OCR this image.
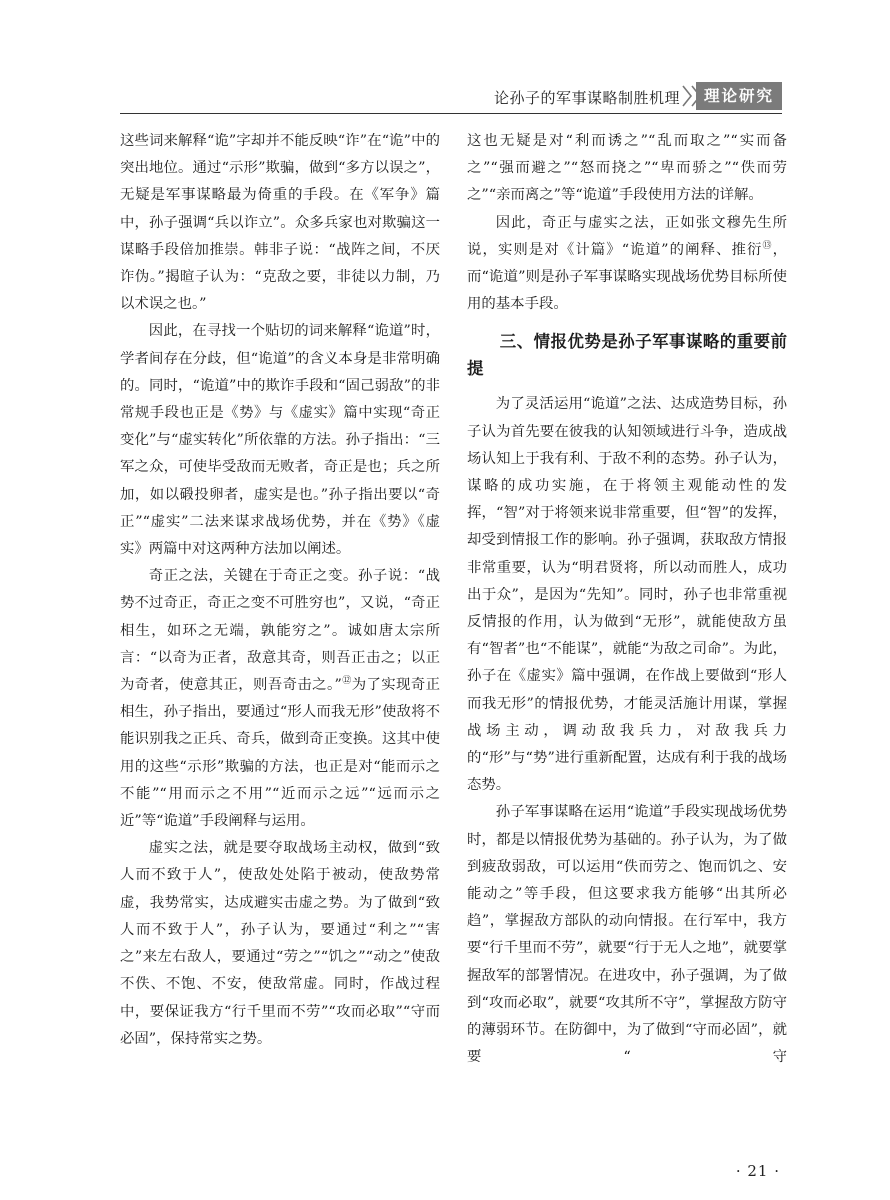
论孙子的军事谋略制胜机理	理论研究

这些词来解释“诡”字却并不能反映“诈”在“诡”中的突出地位。通过“示形”欺骗，做到“多方以误之”，无疑是军事谋略最为倚重的手段。在《军争》篇中，孙子强调“兵以诈立”。众多兵家也对欺骗这一谋略手段倍加推崇。韩非子说：“战阵之间，不厌诈伪。”揭暄子认为：“克敌之要，非徒以力制，乃以术误之也。”

因此，在寻找一个贴切的词来解释“诡道”时，学者间存在分歧，但“诡道”的含义本身是非常明确的。同时，“诡道”中的欺诈手段和“固己弱敌”的非常规手段也正是《势》与《虚实》篇中实现“奇正变化”与“虚实转化”所依靠的方法。孙子指出：“三军之众，可使毕受敌而无败者，奇正是也；兵之所加，如以碫投卵者，虚实是也。”孙子指出要以“奇正”“虚实”二法来谋求战场优势，并在《势》《虚实》两篇中对这两种方法加以阐述。

奇正之法，关键在于奇正之变。孙子说：“战势不过奇正，奇正之变不可胜穷也”，又说，“奇正相生，如环之无端，孰能穷之”。诚如唐太宗所言：“以奇为正者，敌意其奇，则吾正击之；以正为奇者，使意其正，则吾奇击之。”⑫为了实现奇正相生，孙子指出，要通过“形人而我无形”使敌将不能识别我之正兵、奇兵，做到奇正变换。这其中使用的这些“示形”欺骗的方法，也正是对“能而示之不能”“用而示之不用”“近而示之远”“远而示之近”等“诡道”手段阐释与运用。

虚实之法，就是要夺取战场主动权，做到“致人而不致于人”，使敌处处陷于被动，使敌势常虚，我势常实，达成避实击虚之势。为了做到“致人而不致于人”，孙子认为，要通过“利之”“害之”来左右敌人，要通过“劳之”“饥之”“动之”使敌不佚、不饱、不安，使敌常虚。同时，作战过程中，要保证我方“行千里而不劳”“攻而必取”“守而必固”，保持常实之势。

这也无疑是对“利而诱之”“乱而取之”“实而备之”“强而避之”“怒而挠之”“卑而骄之”“佚而劳之”“亲而离之”等“诡道”手段使用方法的详解。

因此，奇正与虚实之法，正如张文穆先生所说，实则是对《计篇》“诡道”的阐释、推衍⑬，而“诡道”则是孙子军事谋略实现战场优势目标所使用的基本手段。

三、情报优势是孙子军事谋略的重要前提

为了灵活运用“诡道”之法、达成造势目标，孙子认为首先要在彼我的认知领域进行斗争，造成战场认知上于我有利、于敌不利的态势。孙子认为，谋略的成功实施，在于将领主观能动性的发挥，“智”对于将领来说非常重要，但“智”的发挥，却受到情报工作的影响。孙子强调，获取敌方情报非常重要，认为“明君贤将，所以动而胜人，成功出于众”，是因为“先知”。同时，孙子也非常重视反情报的作用，认为做到“无形”，就能使敌方虽有“智者”也“不能谋”，就能“为敌之司命”。为此，孙子在《虚实》篇中强调，在作战上要做到“形人而我无形”的情报优势，才能灵活施计用谋，掌握战场主动，调动敌我兵力，对敌我兵力的“形”与“势”进行重新配置，达成有利于我的战场态势。

孙子军事谋略在运用“诡道”手段实现战场优势时，都是以情报优势为基础的。孙子认为，为了做到疲敌弱敌，可以运用“佚而劳之、饱而饥之、安能动之”等手段，但这要求我方能够“出其所必趋”，掌握敌方部队的动向情报。在行军中，我方要“行千里而不劳”，就要“行于无人之地”，就要掌握敌军的部署情况。在进攻中，孙子强调，为了做到“攻而必取”，就要“攻其所不守”，掌握敌方防守的薄弱环节。在防御中，为了做到“守而必固”，就要“守

· 21 ·
